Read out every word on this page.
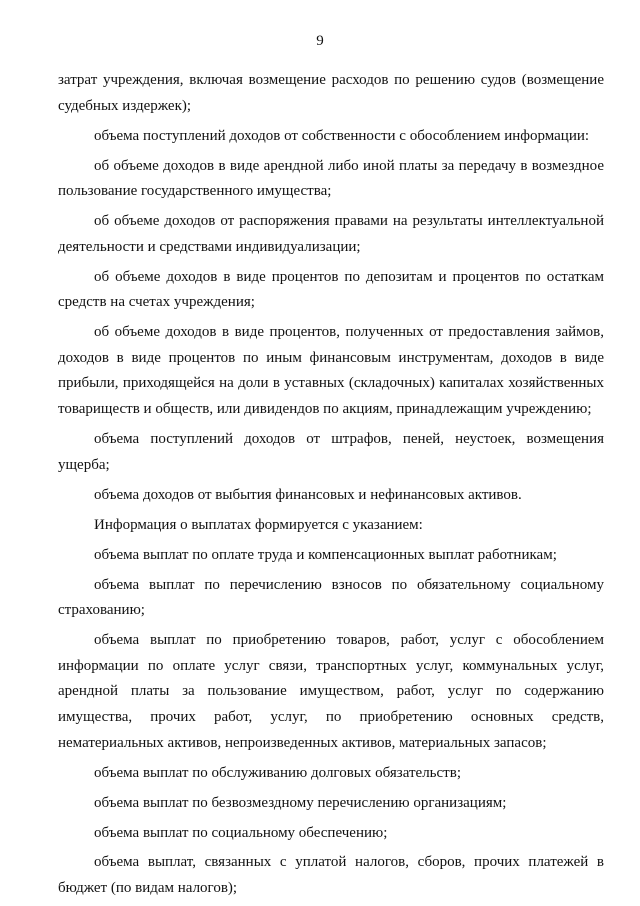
9

затрат учреждения, включая возмещение расходов по решению судов (возмещение судебных издержек);

объема поступлений доходов от собственности с обособлением информации:

об объеме доходов в виде арендной либо иной платы за передачу в возмездное пользование государственного имущества;

об объеме доходов от распоряжения правами на результаты интеллектуальной деятельности и средствами индивидуализации;

об объеме доходов в виде процентов по депозитам и процентов по остаткам средств на счетах учреждения;

об объеме доходов в виде процентов, полученных от предоставления займов, доходов в виде процентов по иным финансовым инструментам, доходов в виде прибыли, приходящейся на доли в уставных (складочных) капиталах хозяйственных товариществ и обществ, или дивидендов по акциям, принадлежащим учреждению;

объема поступлений доходов от штрафов, пеней, неустоек, возмещения ущерба;

объема доходов от выбытия финансовых и нефинансовых активов.

Информация о выплатах формируется с указанием:

объема выплат по оплате труда и компенсационных выплат работникам;

объема выплат по перечислению взносов по обязательному социальному страхованию;

объема выплат по приобретению товаров, работ, услуг с обособлением информации по оплате услуг связи, транспортных услуг, коммунальных услуг, арендной платы за пользование имуществом, работ, услуг по содержанию имущества, прочих работ, услуг, по приобретению основных средств, нематериальных активов, непроизведенных активов, материальных запасов;

объема выплат по обслуживанию долговых обязательств;

объема выплат по безвозмездному перечислению организациям;

объема выплат по социальному обеспечению;

объема выплат, связанных с уплатой налогов, сборов, прочих платежей в бюджет (по видам налогов);
